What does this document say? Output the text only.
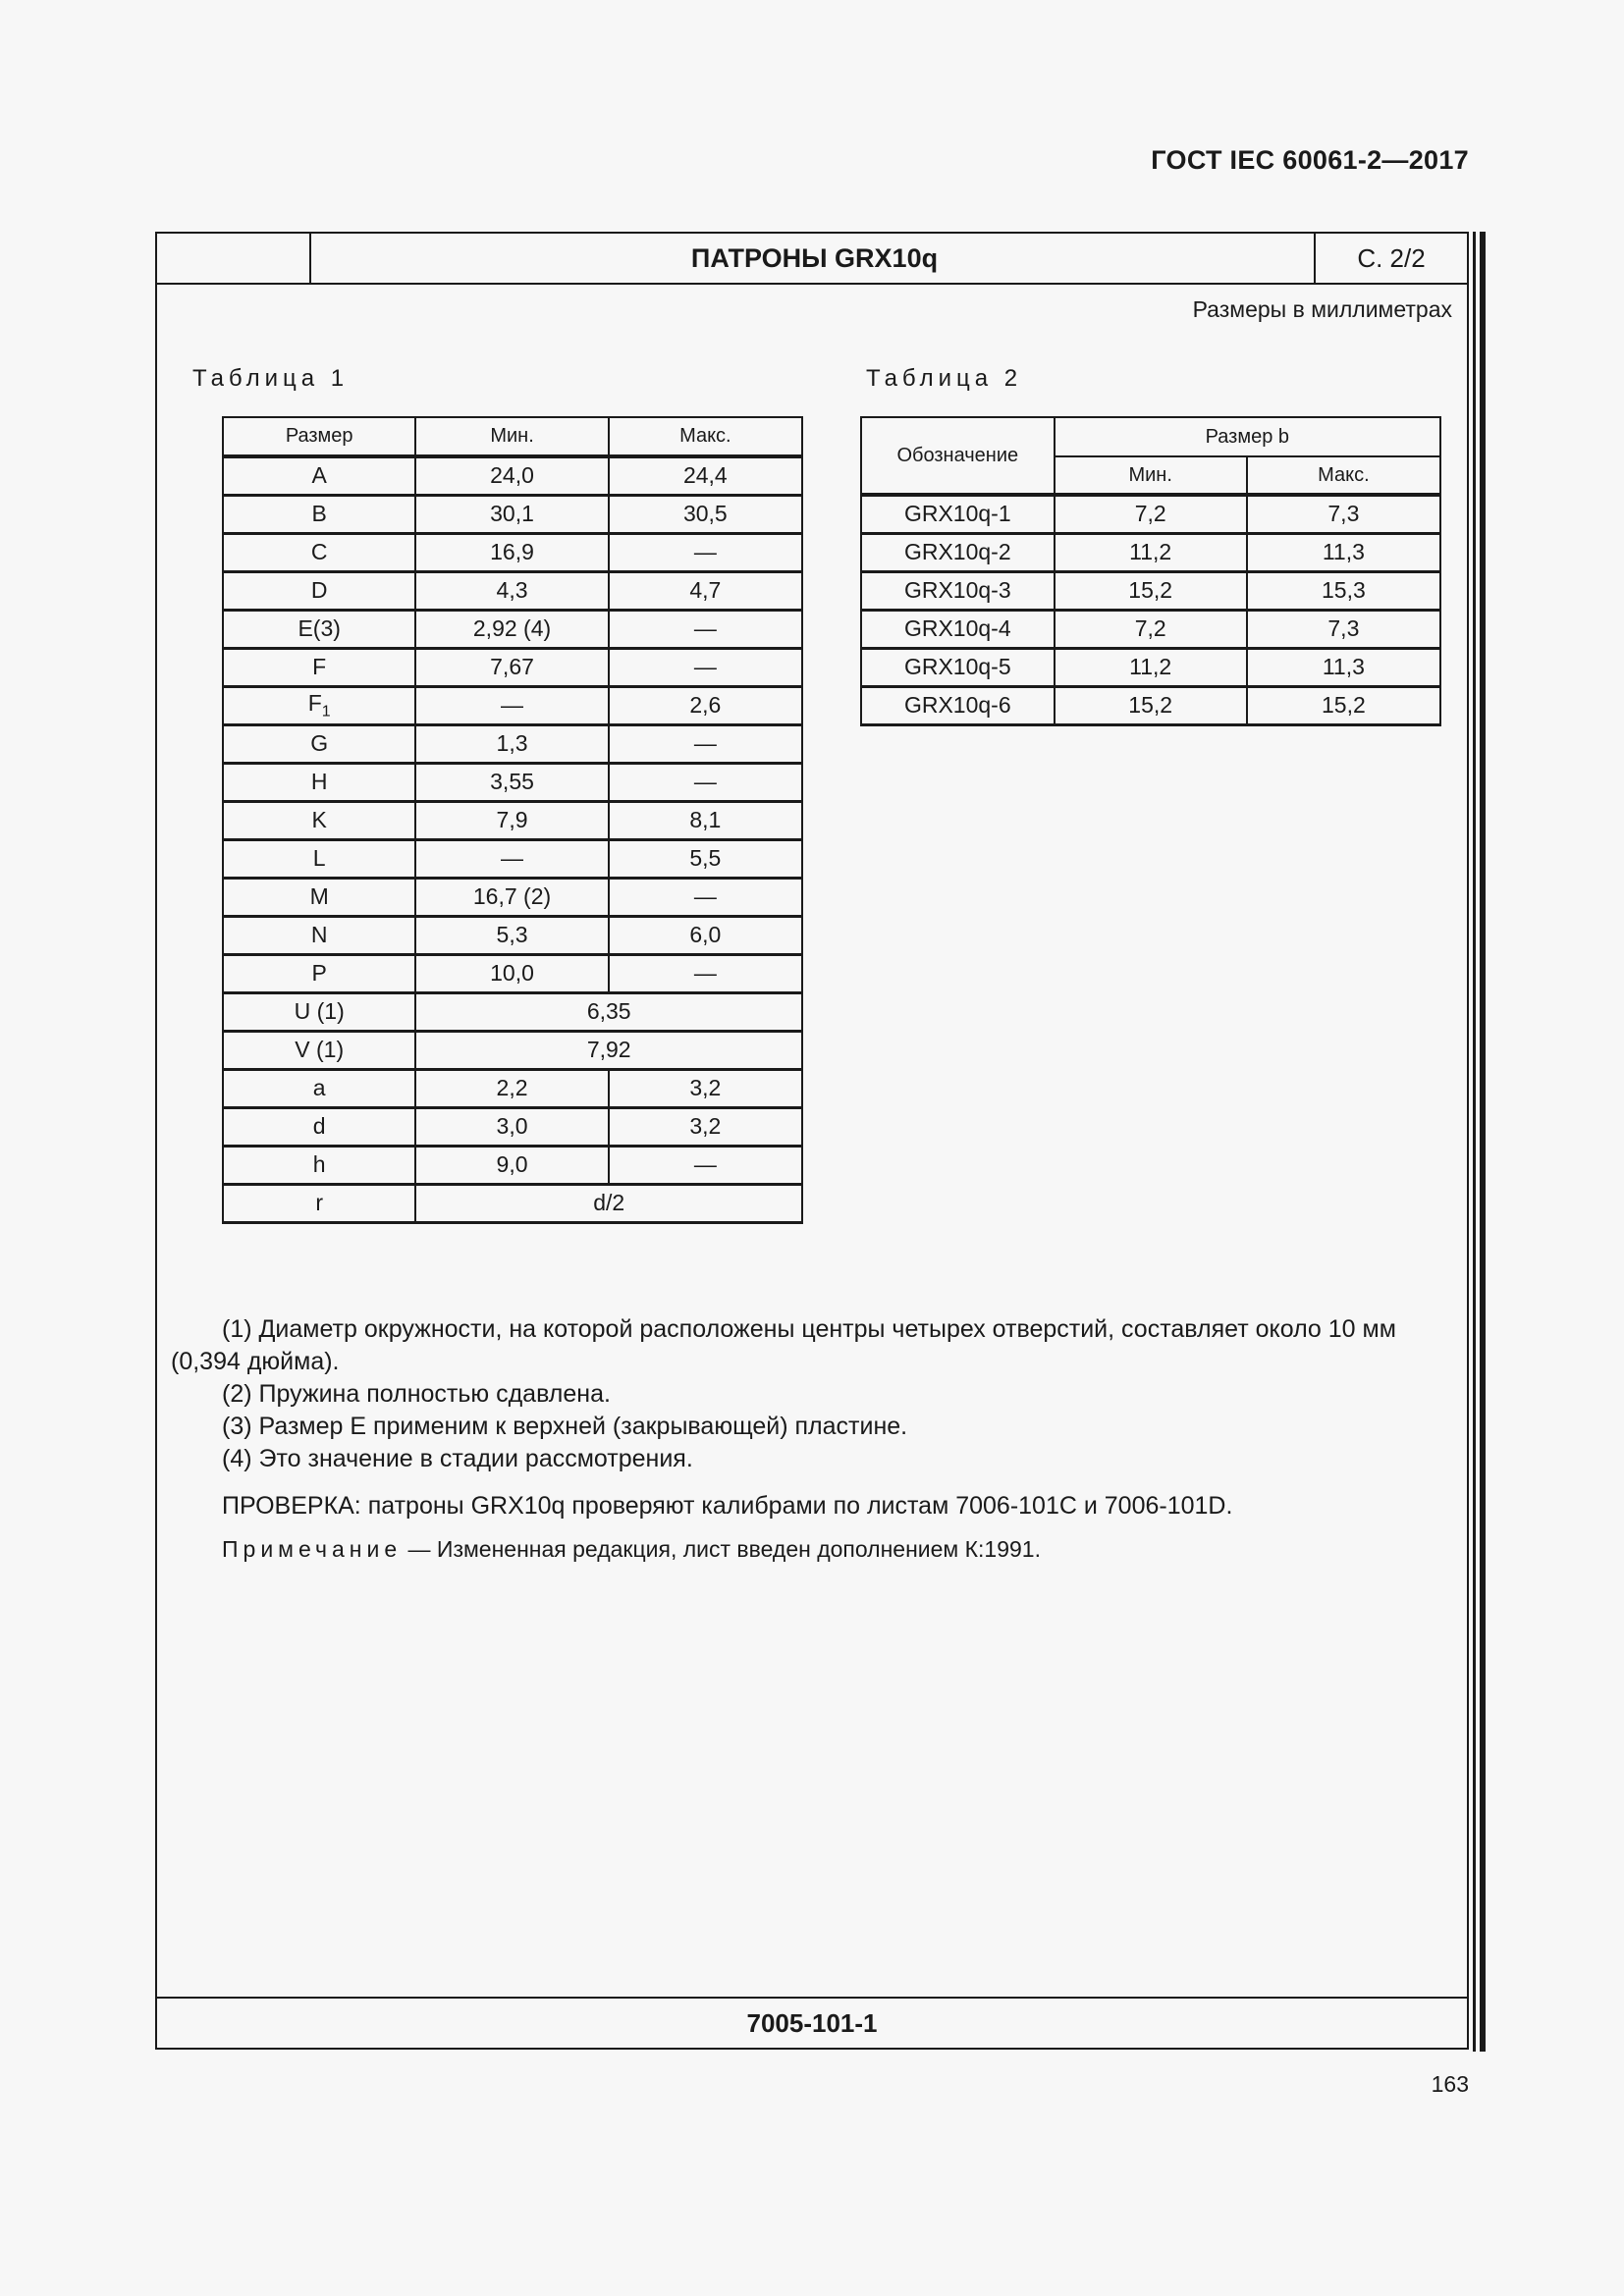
ГОСТ IEC 60061-2—2017
ПАТРОНЫ GRX10q	С. 2/2
Размеры в миллиметрах
Таблица 1	Таблица 2
Размер	Мин.	Макс.
A	24,0	24,4
B	30,1	30,5
C	16,9	—
D	4,3	4,7
E(3)	2,92 (4)	—
F	7,67	—
$F_1$	—	2,6
G	1,3	—
H	3,55	—
K	7,9	8,1
L	—	5,5
M	16,7 (2)	—
N	5,3	6,0
P	10,0	—
U (1)	6,35	
V (1)	7,92	
a	2,2	3,2
d	3,0	3,2
h	9,0	—
r	d/2	
Обозначение	Размер b	
	Мин.	Макс.
GRX10q-1	7,2	7,3
GRX10q-2	11,2	11,3
GRX10q-3	15,2	15,3
GRX10q-4	7,2	7,3
GRX10q-5	11,2	11,3
GRX10q-6	15,2	15,2

(1) Диаметр окружности, на которой расположены центры четырех отверстий, составляет около 10 мм (0,394 дюйма).

(2) Пружина полностью сдавлена.

(3) Размер E применим к верхней (закрывающей) пластине.

(4) Это значение в стадии рассмотрения.

ПРОВЕРКА: патроны GRX10q проверяют калибрами по листам 7006-101C и 7006-101D.

Примечание — Измененная редакция, лист введен дополнением К:1991.

7005-101-1
163
